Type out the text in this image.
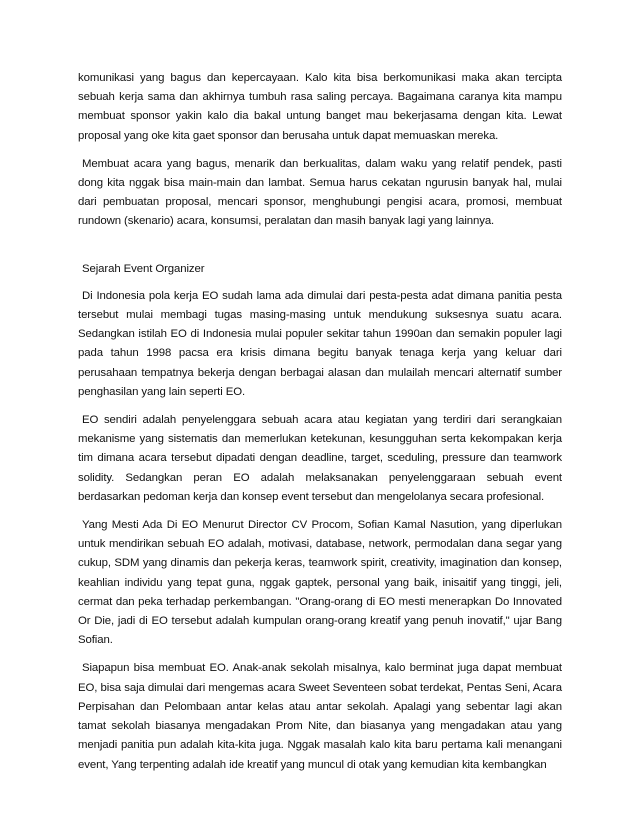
komunikasi yang bagus dan kepercayaan. Kalo kita bisa berkomunikasi maka akan tercipta sebuah kerja sama dan akhirnya tumbuh rasa saling percaya. Bagaimana caranya kita mampu membuat sponsor yakin kalo dia bakal untung banget mau bekerjasama dengan kita. Lewat proposal yang oke kita gaet sponsor dan berusaha untuk dapat memuaskan mereka.

Membuat acara yang bagus, menarik dan berkualitas, dalam waku yang relatif pendek, pasti dong kita nggak bisa main-main dan lambat. Semua harus cekatan ngurusin banyak hal, mulai dari pembuatan proposal, mencari sponsor, menghubungi pengisi acara, promosi, membuat rundown (skenario) acara, konsumsi, peralatan dan masih banyak lagi yang lainnya.

Sejarah Event Organizer

Di Indonesia pola kerja EO sudah lama ada dimulai dari pesta-pesta adat dimana panitia pesta tersebut mulai membagi tugas masing-masing untuk mendukung suksesnya suatu acara. Sedangkan istilah EO di Indonesia mulai populer sekitar tahun 1990an dan semakin populer lagi pada tahun 1998 pacsa era krisis dimana begitu banyak tenaga kerja yang keluar dari perusahaan tempatnya bekerja dengan berbagai alasan dan mulailah mencari alternatif sumber penghasilan yang lain seperti EO.

EO sendiri adalah penyelenggara sebuah acara atau kegiatan yang terdiri dari serangkaian mekanisme yang sistematis dan memerlukan ketekunan, kesungguhan serta kekompakan kerja tim dimana acara tersebut dipadati dengan deadline, target, sceduling, pressure dan teamwork solidity. Sedangkan peran EO adalah melaksanakan penyelenggaraan sebuah event berdasarkan pedoman kerja dan konsep event tersebut dan mengelolanya secara profesional.

Yang Mesti Ada Di EO Menurut Director CV Procom, Sofian Kamal Nasution, yang diperlukan untuk mendirikan sebuah EO adalah, motivasi, database, network, permodalan dana segar yang cukup, SDM yang dinamis dan pekerja keras, teamwork spirit, creativity, imagination dan konsep, keahlian individu yang tepat guna, nggak gaptek, personal yang baik, inisaitif yang tinggi, jeli, cermat dan peka terhadap perkembangan. "Orang-orang di EO mesti menerapkan Do Innovated Or Die, jadi di EO tersebut adalah kumpulan orang-orang kreatif yang penuh inovatif," ujar Bang Sofian.

Siapapun bisa membuat EO. Anak-anak sekolah misalnya, kalo berminat juga dapat membuat EO, bisa saja dimulai dari mengemas acara Sweet Seventeen sobat terdekat, Pentas Seni, Acara Perpisahan dan Pelombaan antar kelas atau antar sekolah. Apalagi yang sebentar lagi akan tamat sekolah biasanya mengadakan Prom Nite, dan biasanya yang mengadakan atau yang menjadi panitia pun adalah kita-kita juga. Nggak masalah kalo kita baru pertama kali menangani event, Yang terpenting adalah ide kreatif yang muncul di otak yang kemudian kita kembangkan
